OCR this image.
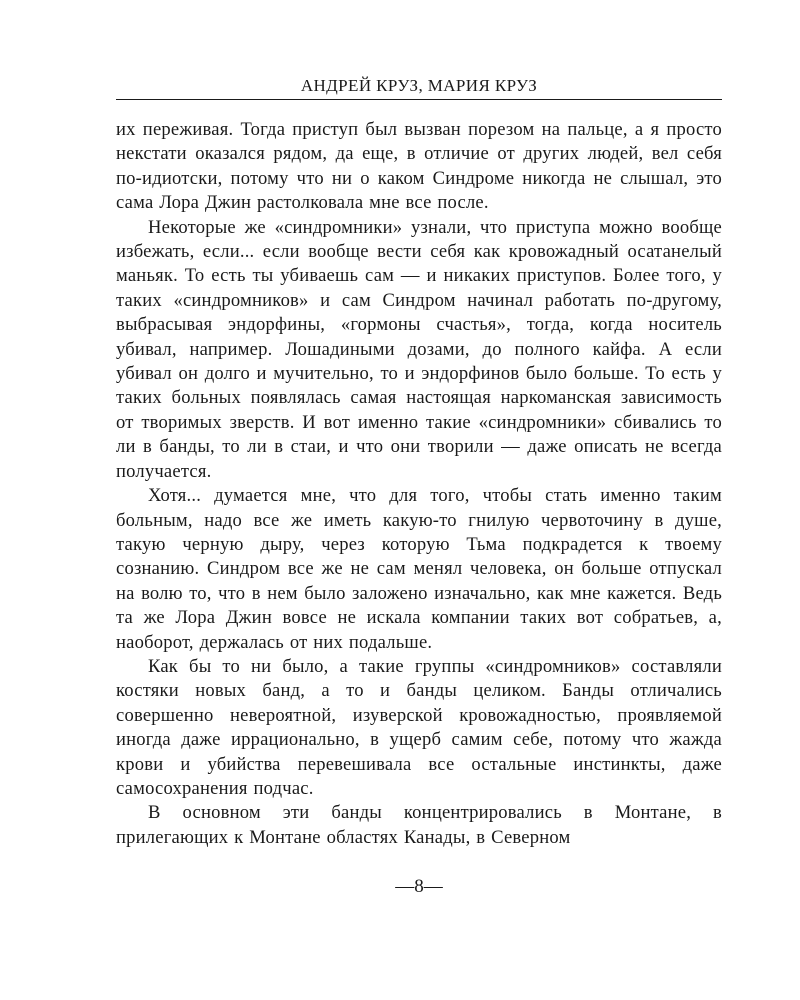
АНДРЕЙ КРУЗ, МАРИЯ КРУЗ

их переживая. Тогда приступ был вызван порезом на пальце, а я просто некстати оказался рядом, да еще, в отличие от других людей, вел себя по-идиотски, потому что ни о каком Синдроме никогда не слышал, это сама Лора Джин растолковала мне все после.

Некоторые же «синдромники» узнали, что приступа можно вообще избежать, если... если вообще вести себя как кровожадный осатанелый маньяк. То есть ты убиваешь сам — и никаких приступов. Более того, у таких «синдромников» и сам Синдром начинал работать по-другому, выбрасывая эндорфины, «гормоны счастья», тогда, когда носитель убивал, например. Лошадиными дозами, до полного кайфа. А если убивал он долго и мучительно, то и эндорфинов было больше. То есть у таких больных появлялась самая настоящая наркоманская зависимость от творимых зверств. И вот именно такие «синдромники» сбивались то ли в банды, то ли в стаи, и что они творили — даже описать не всегда получается.

Хотя... думается мне, что для того, чтобы стать именно таким больным, надо все же иметь какую-то гнилую червоточину в душе, такую черную дыру, через которую Тьма подкрадется к твоему сознанию. Синдром все же не сам менял человека, он больше отпускал на волю то, что в нем было заложено изначально, как мне кажется. Ведь та же Лора Джин вовсе не искала компании таких вот собратьев, а, наоборот, держалась от них подальше.

Как бы то ни было, а такие группы «синдромников» составляли костяки новых банд, а то и банды целиком. Банды отличались совершенно невероятной, изуверской кровожадностью, проявляемой иногда даже иррационально, в ущерб самим себе, потому что жажда крови и убийства перевешивала все остальные инстинкты, даже самосохранения подчас.

В основном эти банды концентрировались в Монтане, в прилегающих к Монтане областях Канады, в Северном

—8—
